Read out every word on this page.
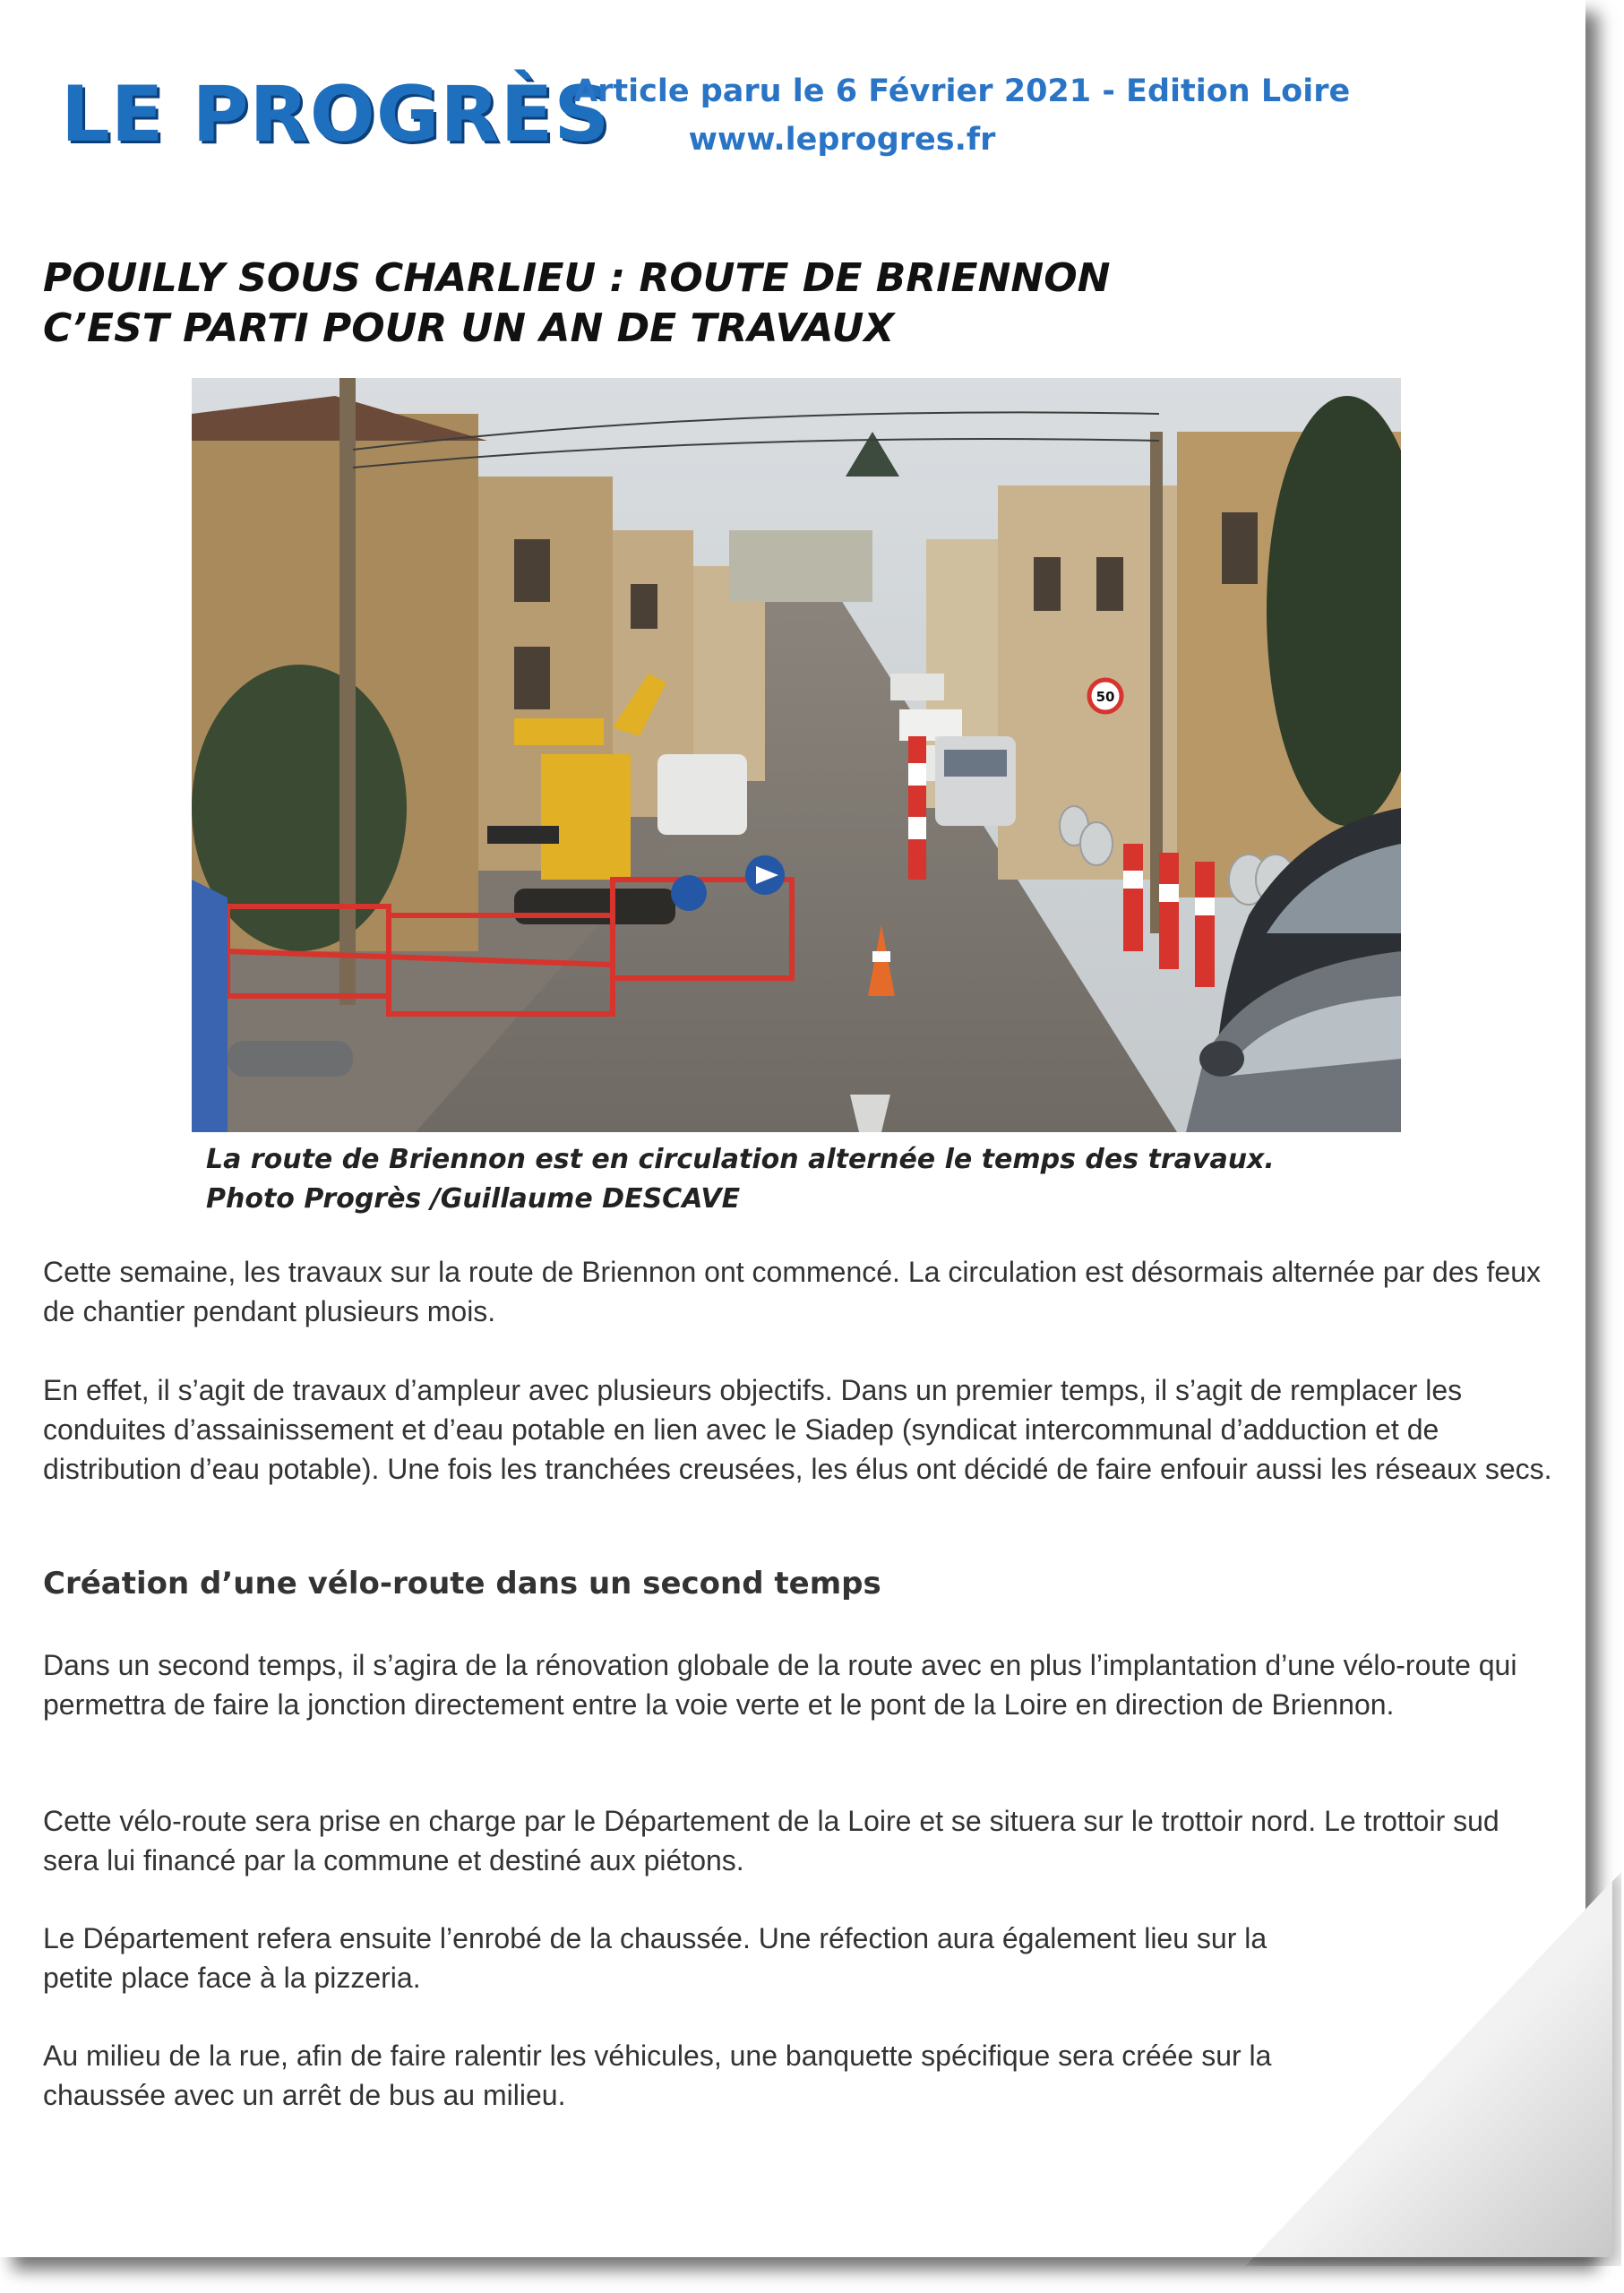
LE PROGRÈS
Article paru le 6 Février 2021 - Edition Loire
www.leprogres.fr
POUILLY SOUS CHARLIEU : ROUTE DE BRIENNON
C’EST PARTI POUR UN AN DE TRAVAUX
50
La route de Briennon est en circulation alternée le temps des travaux.
Photo Progrès /Guillaume DESCAVE

Cette semaine, les travaux sur la route de Briennon ont commencé. La circulation est désormais alternée par des feux de chantier pendant plusieurs mois.

En effet, il s’agit de travaux d’ampleur avec plusieurs objectifs. Dans un premier temps, il s’agit de remplacer les conduites d’assainissement et d’eau potable en lien avec le Siadep (syndicat intercommunal d’adduction et de distribution d’eau potable). Une fois les tranchées creusées, les élus ont décidé de faire enfouir aussi les réseaux secs.

Création d’une vélo-route dans un second temps

Dans un second temps, il s’agira de la rénovation globale de la route avec en plus l’implantation d’une vélo-route qui permettra de faire la jonction directement entre la voie verte et le pont de la Loire en direction de Briennon.

Cette vélo-route sera prise en charge par le Département de la Loire et se situera sur le trottoir nord. Le trottoir sud sera lui financé par la commune et destiné aux piétons.

Le Département refera ensuite l’enrobé de la chaussée. Une réfection aura également lieu sur la petite place face à la pizzeria.

Au milieu de la rue, afin de faire ralentir les véhicules, une banquette spécifique sera créée sur la chaussée avec un arrêt de bus au milieu.
